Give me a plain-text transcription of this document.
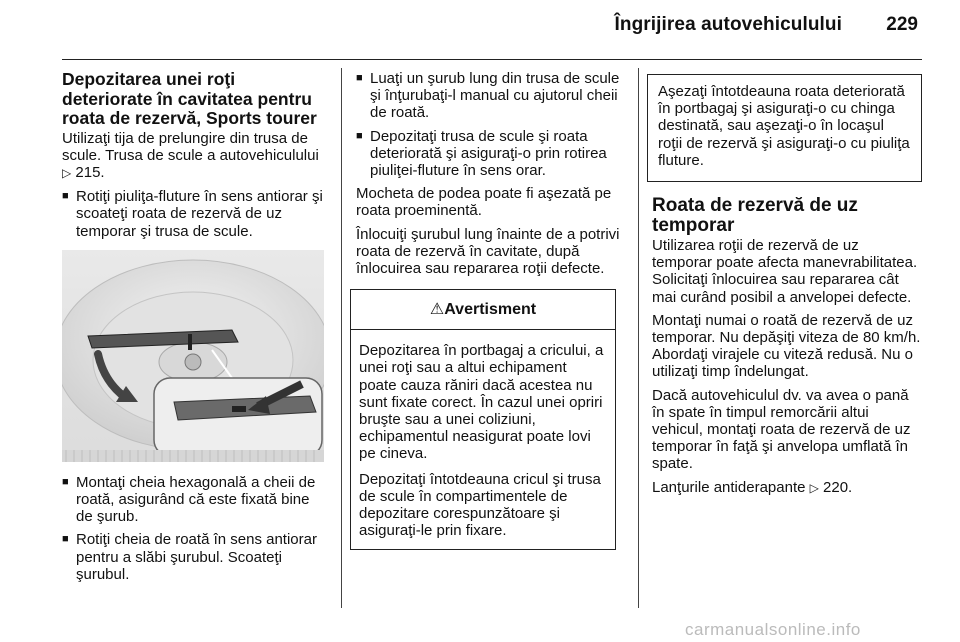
Îngrijirea autovehiculului 229
Depozitarea unei roţi deteriorate în cavitatea pentru roata de rezervă, Sports tourer

Utilizaţi tija de prelungire din trusa de scule. Trusa de scule a autovehiculului ▷ 215.

■ Rotiţi piuliţa-fluture în sens antiorar şi scoateţi roata de rezervă de uz temporar şi trusa de scule.
■ Montaţi cheia hexagonală a cheii de roată, asigurând că este fixată bine de şurub.
■ Rotiţi cheia de roată în sens antiorar pentru a slăbi şurubul. Scoateţi şurubul.
■ Luaţi un şurub lung din trusa de scule şi înţurubaţi-l manual cu ajutorul cheii de roată.
■ Depozitaţi trusa de scule şi roata deteriorată şi asiguraţi-o prin rotirea piuliţei-fluture în sens orar.

Mocheta de podea poate fi aşezată pe roata proeminentă.

Înlocuiţi şurubul lung înainte de a potrivi roata de rezervă în cavitate, după înlocuirea sau repararea roţii defecte.

⚠Avertisment

Depozitarea în portbagaj a cricului, a unei roţi sau a altui echipament poate cauza răniri dacă acestea nu sunt fixate corect. În cazul unei opriri bruşte sau a unei coliziuni, echipamentul neasigurat poate lovi pe cineva.

Depozitaţi întotdeauna cricul şi trusa de scule în compartimentele de depozitare corespunzătoare şi asiguraţi-le prin fixare.

Aşezaţi întotdeauna roata deteriorată în portbagaj şi asiguraţi-o cu chinga destinată, sau aşezaţi-o în locaşul roţii de rezervă şi asiguraţi-o cu piuliţa fluture.

Roata de rezervă de uz temporar

Utilizarea roţii de rezervă de uz temporar poate afecta manevrabilitatea. Solicitaţi înlocuirea sau repararea cât mai curând posibil a anvelopei defecte.

Montaţi numai o roată de rezervă de uz temporar. Nu depăşiţi viteza de 80 km/h. Abordaţi virajele cu viteză redusă. Nu o utilizaţi timp îndelungat.

Dacă autovehiculul dv. va avea o pană în spate în timpul remorcării altui vehicul, montaţi roata de rezervă de uz temporar în faţă şi anvelopa umflată în spate.

Lanţurile antiderapante ▷ 220.

carmanualsonline.info
